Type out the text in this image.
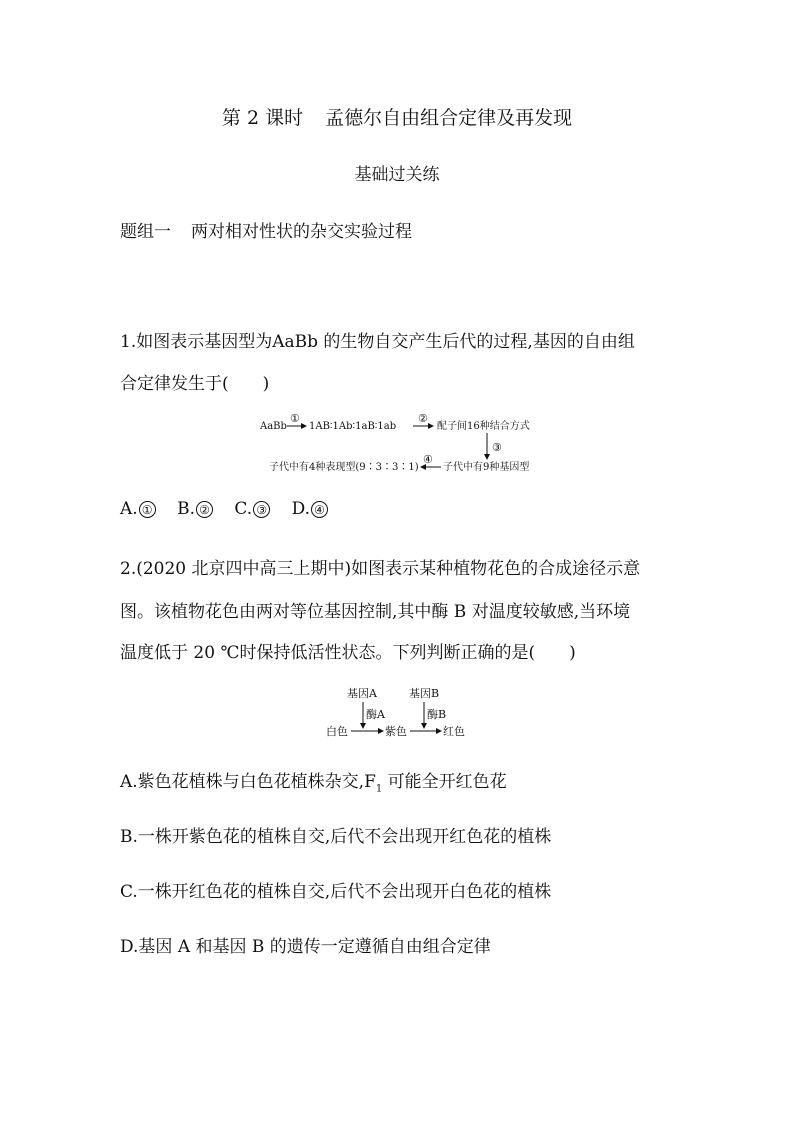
第 2 课时 孟德尔自由组合定律及再发现
基础过关练
题组一 两对相对性状的杂交实验过程
1.如图表示基因型为AaBb 的生物自交产生后代的过程,基因的自由组
合定律发生于(　　)
AaBb
①
1AB∶1Ab∶1aB∶1ab
②
配子间16种结合方式
③
子代中有9种基因型
④
子代中有4种表现型(9∶3∶3∶1)
A. ① B. ② C. ③ D. ④
2.(2020 北京四中高三上期中)如图表示某种植物花色的合成途径示意
图。该植物花色由两对等位基因控制,其中酶 B 对温度较敏感,当环境
温度低于 20 ℃时保持低活性状态。下列判断正确的是(　　)
基因A	基因B
酶A	酶B
白色	紫色	红色
A.紫色花植株与白色花植株杂交$,F_1$ 可能全开红色花
B.一株开紫色花的植株自交,后代不会出现开红色花的植株
C.一株开红色花的植株自交,后代不会出现开白色花的植株
D.基因 A 和基因 B 的遗传一定遵循自由组合定律
